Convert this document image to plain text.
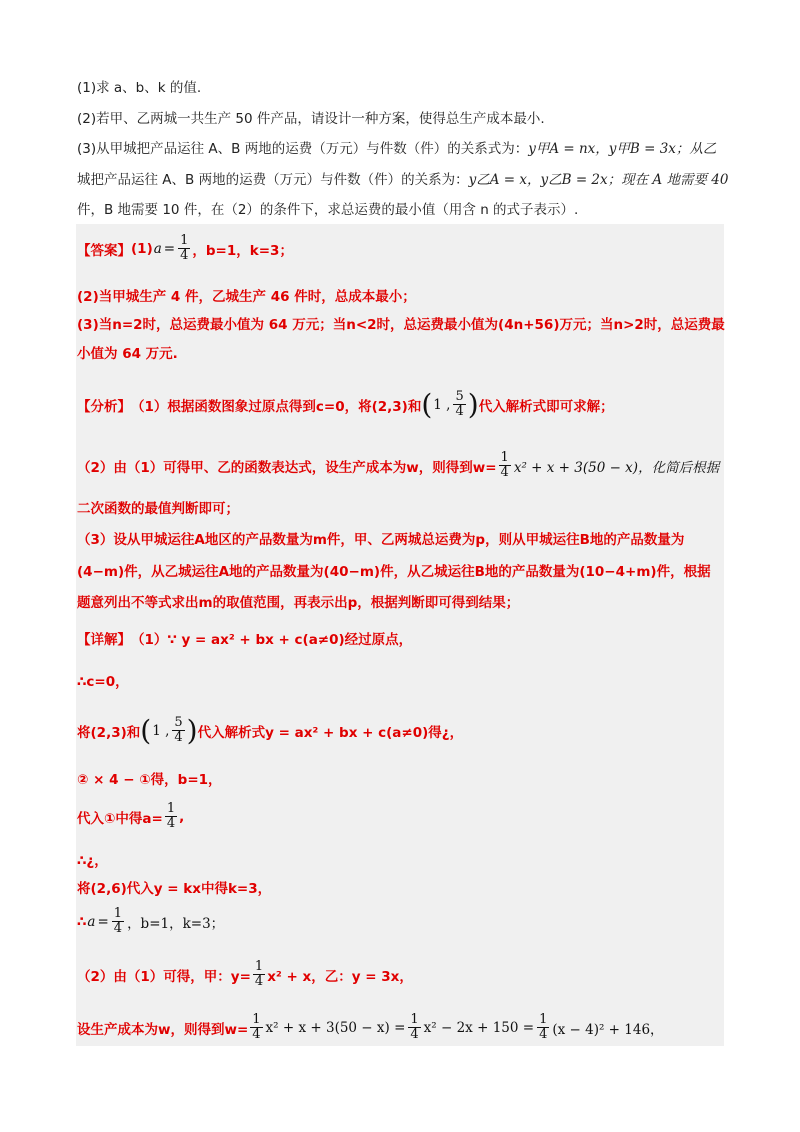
(1)求 a、b、k 的值.
(2)若甲、乙两城一共生产 50 件产品，请设计一种方案，使得总生产成本最小.
(3)从甲城把产品运往 A、B 两地的运费（万元）与件数（件）的关系式为：y甲A = nx，y甲B = 3x；从乙
城把产品运往 A、B 两地的运费（万元）与件数（件）的关系为：y乙A = x，y乙B = 2x；现在 A 地需要 40
件，B 地需要 10 件，在（2）的条件下，求总运费的最小值（用含 n 的式子表示）.
【答案】 (1) $a = \frac{1}{4}$ ，b=1，k=3；
(2)当甲城生产 4 件，乙城生产 46 件时，总成本最小；
(3)当n=2时，总运费最小值为 64 万元；当n<2时，总运费最小值为(4n+56)万元；当n>2时，总运费最
小值为 64 万元.
【分析】 （1）根据函数图象过原点得到c=0，将(2,3)和 ( 1 , $\frac{5}{4}$ ) 代入解析式即可求解；
（2）由（1）可得甲、乙的函数表达式，设生产成本为w，则得到$w= \frac{1}{4} x^2 + x + 3(50 - x)$，化简后根据
二次函数的最值判断即可；
（3）设从甲城运往A地区的产品数量为m件，甲、乙两城总运费为p，则从甲城运往B地的产品数量为
(4−m)件，从乙城运往A地的产品数量为(40−m)件，从乙城运往B地的产品数量为(10−4+m)件，根据
题意列出不等式求出m的取值范围，再表示出p，根据判断即可得到结果；
【详解】 （1）∵ y = ax² + bx + c(a≠0)经过原点，
∴c=0，
将(2,3)和 ( 1 , $\frac{5}{4}$ ) 代入解析式y = ax² + bx + c(a≠0)得¿，
② × 4 − ①得，b=1，
代入①中得$a= \frac{1}{4}$ ,
∴¿，
将(2,6)代入y = kx中得k=3，
∴ $a = \frac{1}{4}$ ，b=1，k=3；
（2）由（1）可得，甲：$y= \frac{1}{4} x^2 + x$，乙：y = 3x，
设生产成本为w，则得到$w= \frac{1}{4} x^2 + x + 3(50 - x) = \frac{1}{4} x^2 - 2x + 150 = \frac{1}{4} (x - 4)^2 + 146$，
